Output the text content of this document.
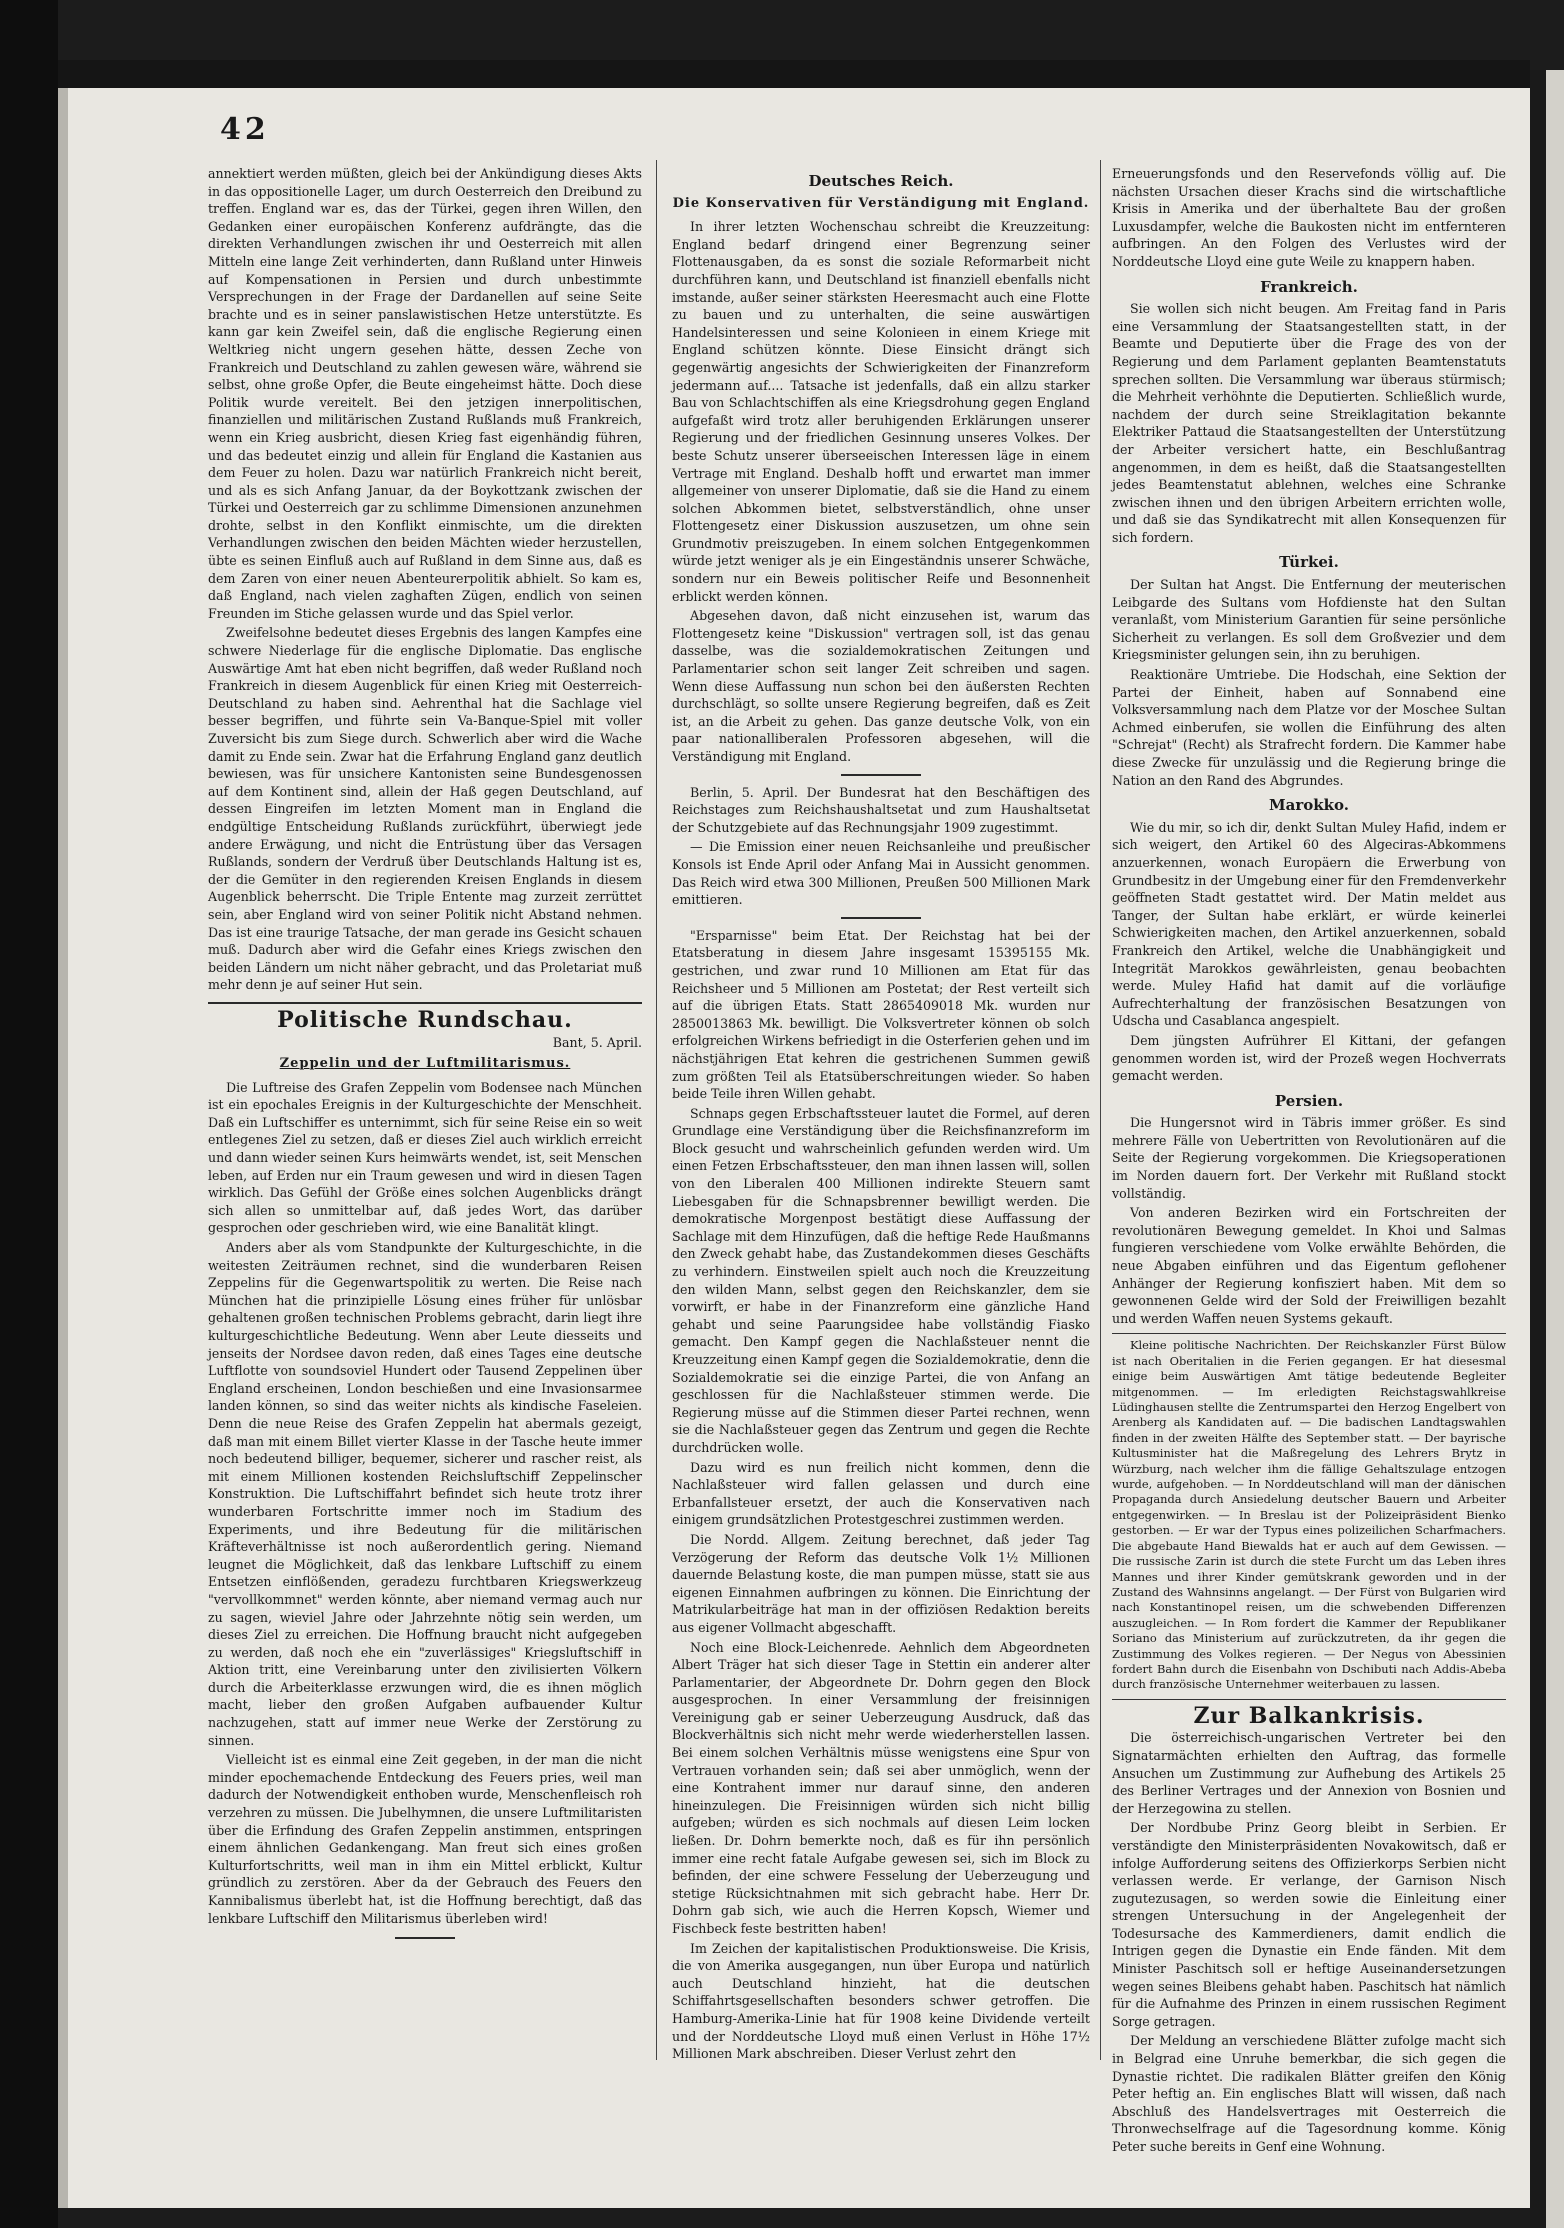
42

annektiert werden müßten, gleich bei der Ankündigung dieses Akts in das oppositionelle Lager, um durch Oesterreich den Dreibund zu treffen. England war es, das der Türkei, gegen ihren Willen, den Gedanken einer europäischen Konferenz aufdrängte, das die direkten Verhandlungen zwischen ihr und Oesterreich mit allen Mitteln eine lange Zeit verhinderten, dann Rußland unter Hinweis auf Kompensationen in Persien und durch unbestimmte Versprechungen in der Frage der Dardanellen auf seine Seite brachte und es in seiner panslawistischen Hetze unterstützte. Es kann gar kein Zweifel sein, daß die englische Regierung einen Weltkrieg nicht ungern gesehen hätte, dessen Zeche von Frankreich und Deutschland zu zahlen gewesen wäre, während sie selbst, ohne große Opfer, die Beute eingeheimst hätte. Doch diese Politik wurde vereitelt. Bei den jetzigen innerpolitischen, finanziellen und militärischen Zustand Rußlands muß Frankreich, wenn ein Krieg ausbricht, diesen Krieg fast eigenhändig führen, und das bedeutet einzig und allein für England die Kastanien aus dem Feuer zu holen. Dazu war natürlich Frankreich nicht bereit, und als es sich Anfang Januar, da der Boykottzank zwischen der Türkei und Oesterreich gar zu schlimme Dimensionen anzunehmen drohte, selbst in den Konflikt einmischte, um die direkten Verhandlungen zwischen den beiden Mächten wieder herzustellen, übte es seinen Einfluß auch auf Rußland in dem Sinne aus, daß es dem Zaren von einer neuen Abenteurerpolitik abhielt. So kam es, daß England, nach vielen zaghaften Zügen, endlich von seinen Freunden im Stiche gelassen wurde und das Spiel verlor.

Zweifelsohne bedeutet dieses Ergebnis des langen Kampfes eine schwere Niederlage für die englische Diplomatie. Das englische Auswärtige Amt hat eben nicht begriffen, daß weder Rußland noch Frankreich in diesem Augenblick für einen Krieg mit Oesterreich-Deutschland zu haben sind. Aehrenthal hat die Sachlage viel besser begriffen, und führte sein Va-Banque-Spiel mit voller Zuversicht bis zum Siege durch. Schwerlich aber wird die Wache damit zu Ende sein. Zwar hat die Erfahrung England ganz deutlich bewiesen, was für unsichere Kantonisten seine Bundesgenossen auf dem Kontinent sind, allein der Haß gegen Deutschland, auf dessen Eingreifen im letzten Moment man in England die endgültige Entscheidung Rußlands zurückführt, überwiegt jede andere Erwägung, und nicht die Entrüstung über das Versagen Rußlands, sondern der Verdruß über Deutschlands Haltung ist es, der die Gemüter in den regierenden Kreisen Englands in diesem Augenblick beherrscht. Die Triple Entente mag zurzeit zerrüttet sein, aber England wird von seiner Politik nicht Abstand nehmen. Das ist eine traurige Tatsache, der man gerade ins Gesicht schauen muß. Dadurch aber wird die Gefahr eines Kriegs zwischen den beiden Ländern um nicht näher gebracht, und das Proletariat muß mehr denn je auf seiner Hut sein.

Politische Rundschau.
Bant, 5. April.
Zeppelin und der Luftmilitarismus.

Die Luftreise des Grafen Zeppelin vom Bodensee nach München ist ein epochales Ereignis in der Kulturgeschichte der Menschheit. Daß ein Luftschiffer es unternimmt, sich für seine Reise ein so weit entlegenes Ziel zu setzen, daß er dieses Ziel auch wirklich erreicht und dann wieder seinen Kurs heimwärts wendet, ist, seit Menschen leben, auf Erden nur ein Traum gewesen und wird in diesen Tagen wirklich. Das Gefühl der Größe eines solchen Augenblicks drängt sich allen so unmittelbar auf, daß jedes Wort, das darüber gesprochen oder geschrieben wird, wie eine Banalität klingt.

Anders aber als vom Standpunkte der Kulturgeschichte, in die weitesten Zeiträumen rechnet, sind die wunderbaren Reisen Zeppelins für die Gegenwartspolitik zu werten. Die Reise nach München hat die prinzipielle Lösung eines früher für unlösbar gehaltenen großen technischen Problems gebracht, darin liegt ihre kulturgeschichtliche Bedeutung. Wenn aber Leute diesseits und jenseits der Nordsee davon reden, daß eines Tages eine deutsche Luftflotte von soundsoviel Hundert oder Tausend Zeppelinen über England erscheinen, London beschießen und eine Invasionsarmee landen können, so sind das weiter nichts als kindische Faseleien. Denn die neue Reise des Grafen Zeppelin hat abermals gezeigt, daß man mit einem Billet vierter Klasse in der Tasche heute immer noch bedeutend billiger, bequemer, sicherer und rascher reist, als mit einem Millionen kostenden Reichsluftschiff Zeppelinscher Konstruktion. Die Luftschiffahrt befindet sich heute trotz ihrer wunderbaren Fortschritte immer noch im Stadium des Experiments, und ihre Bedeutung für die militärischen Kräfteverhältnisse ist noch außerordentlich gering. Niemand leugnet die Möglichkeit, daß das lenkbare Luftschiff zu einem Entsetzen einflößenden, geradezu furchtbaren Kriegswerkzeug "vervollkommnet" werden könnte, aber niemand vermag auch nur zu sagen, wieviel Jahre oder Jahrzehnte nötig sein werden, um dieses Ziel zu erreichen. Die Hoffnung braucht nicht aufgegeben zu werden, daß noch ehe ein "zuverlässiges" Kriegsluftschiff in Aktion tritt, eine Vereinbarung unter den zivilisierten Völkern durch die Arbeiterklasse erzwungen wird, die es ihnen möglich macht, lieber den großen Aufgaben aufbauender Kultur nachzugehen, statt auf immer neue Werke der Zerstörung zu sinnen.

Vielleicht ist es einmal eine Zeit gegeben, in der man die nicht minder epochemachende Entdeckung des Feuers pries, weil man dadurch der Notwendigkeit enthoben wurde, Menschenfleisch roh verzehren zu müssen. Die Jubelhymnen, die unsere Luftmilitaristen über die Erfindung des Grafen Zeppelin anstimmen, entspringen einem ähnlichen Gedankengang. Man freut sich eines großen Kulturfortschritts, weil man in ihm ein Mittel erblickt, Kultur gründlich zu zerstören. Aber da der Gebrauch des Feuers den Kannibalismus überlebt hat, ist die Hoffnung berechtigt, daß das lenkbare Luftschiff den Militarismus überleben wird!

Deutsches Reich.
Die Konservativen für Verständigung mit England.

In ihrer letzten Wochenschau schreibt die Kreuzzeitung: England bedarf dringend einer Begrenzung seiner Flottenausgaben, da es sonst die soziale Reformarbeit nicht durchführen kann, und Deutschland ist finanziell ebenfalls nicht imstande, außer seiner stärksten Heeresmacht auch eine Flotte zu bauen und zu unterhalten, die seine auswärtigen Handelsinteressen und seine Kolonieen in einem Kriege mit England schützen könnte. Diese Einsicht drängt sich gegenwärtig angesichts der Schwierigkeiten der Finanzreform jedermann auf.... Tatsache ist jedenfalls, daß ein allzu starker Bau von Schlachtschiffen als eine Kriegsdrohung gegen England aufgefaßt wird trotz aller beruhigenden Erklärungen unserer Regierung und der friedlichen Gesinnung unseres Volkes. Der beste Schutz unserer überseeischen Interessen läge in einem Vertrage mit England. Deshalb hofft und erwartet man immer allgemeiner von unserer Diplomatie, daß sie die Hand zu einem solchen Abkommen bietet, selbstverständlich, ohne unser Flottengesetz einer Diskussion auszusetzen, um ohne sein Grundmotiv preiszugeben. In einem solchen Entgegenkommen würde jetzt weniger als je ein Eingeständnis unserer Schwäche, sondern nur ein Beweis politischer Reife und Besonnenheit erblickt werden können.

Abgesehen davon, daß nicht einzusehen ist, warum das Flottengesetz keine "Diskussion" vertragen soll, ist das genau dasselbe, was die sozialdemokratischen Zeitungen und Parlamentarier schon seit langer Zeit schreiben und sagen. Wenn diese Auffassung nun schon bei den äußersten Rechten durchschlägt, so sollte unsere Regierung begreifen, daß es Zeit ist, an die Arbeit zu gehen. Das ganze deutsche Volk, von ein paar nationalliberalen Professoren abgesehen, will die Verständigung mit England.

Berlin, 5. April. Der Bundesrat hat den Beschäftigen des Reichstages zum Reichshaushaltsetat und zum Haushaltsetat der Schutzgebiete auf das Rechnungsjahr 1909 zugestimmt.

— Die Emission einer neuen Reichsanleihe und preußischer Konsols ist Ende April oder Anfang Mai in Aussicht genommen. Das Reich wird etwa 300 Millionen, Preußen 500 Millionen Mark emittieren.

"Ersparnisse" beim Etat. Der Reichstag hat bei der Etatsberatung in diesem Jahre insgesamt 15395155 Mk. gestrichen, und zwar rund 10 Millionen am Etat für das Reichsheer und 5 Millionen am Postetat; der Rest verteilt sich auf die übrigen Etats. Statt 2865409018 Mk. wurden nur 2850013863 Mk. bewilligt. Die Volksvertreter können ob solch erfolgreichen Wirkens befriedigt in die Osterferien gehen und im nächstjährigen Etat kehren die gestrichenen Summen gewiß zum größten Teil als Etatsüberschreitungen wieder. So haben beide Teile ihren Willen gehabt.

Schnaps gegen Erbschaftssteuer lautet die Formel, auf deren Grundlage eine Verständigung über die Reichsfinanzreform im Block gesucht und wahrscheinlich gefunden werden wird. Um einen Fetzen Erbschaftssteuer, den man ihnen lassen will, sollen von den Liberalen 400 Millionen indirekte Steuern samt Liebesgaben für die Schnapsbrenner bewilligt werden. Die demokratische Morgenpost bestätigt diese Auffassung der Sachlage mit dem Hinzufügen, daß die heftige Rede Haußmanns den Zweck gehabt habe, das Zustandekommen dieses Geschäfts zu verhindern. Einstweilen spielt auch noch die Kreuzzeitung den wilden Mann, selbst gegen den Reichskanzler, dem sie vorwirft, er habe in der Finanzreform eine gänzliche Hand gehabt und seine Paarungsidee habe vollständig Fiasko gemacht. Den Kampf gegen die Nachlaßsteuer nennt die Kreuzzeitung einen Kampf gegen die Sozialdemokratie, denn die Sozialdemokratie sei die einzige Partei, die von Anfang an geschlossen für die Nachlaßsteuer stimmen werde. Die Regierung müsse auf die Stimmen dieser Partei rechnen, wenn sie die Nachlaßsteuer gegen das Zentrum und gegen die Rechte durchdrücken wolle.

Dazu wird es nun freilich nicht kommen, denn die Nachlaßsteuer wird fallen gelassen und durch eine Erbanfallsteuer ersetzt, der auch die Konservativen nach einigem grundsätzlichen Protestgeschrei zustimmen werden.

Die Nordd. Allgem. Zeitung berechnet, daß jeder Tag Verzögerung der Reform das deutsche Volk 1½ Millionen dauernde Belastung koste, die man pumpen müsse, statt sie aus eigenen Einnahmen aufbringen zu können. Die Einrichtung der Matrikularbeiträge hat man in der offiziösen Redaktion bereits aus eigener Vollmacht abgeschafft.

Noch eine Block-Leichenrede. Aehnlich dem Abgeordneten Albert Träger hat sich dieser Tage in Stettin ein anderer alter Parlamentarier, der Abgeordnete Dr. Dohrn gegen den Block ausgesprochen. In einer Versammlung der freisinnigen Vereinigung gab er seiner Ueberzeugung Ausdruck, daß das Blockverhältnis sich nicht mehr werde wiederherstellen lassen. Bei einem solchen Verhältnis müsse wenigstens eine Spur von Vertrauen vorhanden sein; daß sei aber unmöglich, wenn der eine Kontrahent immer nur darauf sinne, den anderen hineinzulegen. Die Freisinnigen würden sich nicht billig aufgeben; würden es sich nochmals auf diesen Leim locken ließen. Dr. Dohrn bemerkte noch, daß es für ihn persönlich immer eine recht fatale Aufgabe gewesen sei, sich im Block zu befinden, der eine schwere Fesselung der Ueberzeugung und stetige Rücksichtnahmen mit sich gebracht habe. Herr Dr. Dohrn gab sich, wie auch die Herren Kopsch, Wiemer und Fischbeck feste bestritten haben!

Im Zeichen der kapitalistischen Produktionsweise. Die Krisis, die von Amerika ausgegangen, nun über Europa und natürlich auch Deutschland hinzieht, hat die deutschen Schiffahrtsgesellschaften besonders schwer getroffen. Die Hamburg-Amerika-Linie hat für 1908 keine Dividende verteilt und der Norddeutsche Lloyd muß einen Verlust in Höhe 17½ Millionen Mark abschreiben. Dieser Verlust zehrt den

Erneuerungsfonds und den Reservefonds völlig auf. Die nächsten Ursachen dieser Krachs sind die wirtschaftliche Krisis in Amerika und der überhaltete Bau der großen Luxusdampfer, welche die Baukosten nicht im entfernteren aufbringen. An den Folgen des Verlustes wird der Norddeutsche Lloyd eine gute Weile zu knappern haben.

Frankreich.

Sie wollen sich nicht beugen. Am Freitag fand in Paris eine Versammlung der Staatsangestellten statt, in der Beamte und Deputierte über die Frage des von der Regierung und dem Parlament geplanten Beamtenstatuts sprechen sollten. Die Versammlung war überaus stürmisch; die Mehrheit verhöhnte die Deputierten. Schließlich wurde, nachdem der durch seine Streiklagitation bekannte Elektriker Pattaud die Staatsangestellten der Unterstützung der Arbeiter versichert hatte, ein Beschlußantrag angenommen, in dem es heißt, daß die Staatsangestellten jedes Beamtenstatut ablehnen, welches eine Schranke zwischen ihnen und den übrigen Arbeitern errichten wolle, und daß sie das Syndikatrecht mit allen Konsequenzen für sich fordern.

Türkei.

Der Sultan hat Angst. Die Entfernung der meuterischen Leibgarde des Sultans vom Hofdienste hat den Sultan veranlaßt, vom Ministerium Garantien für seine persönliche Sicherheit zu verlangen. Es soll dem Großvezier und dem Kriegsminister gelungen sein, ihn zu beruhigen.

Reaktionäre Umtriebe. Die Hodschah, eine Sektion der Partei der Einheit, haben auf Sonnabend eine Volksversammlung nach dem Platze vor der Moschee Sultan Achmed einberufen, sie wollen die Einführung des alten "Schrejat" (Recht) als Strafrecht fordern. Die Kammer habe diese Zwecke für unzulässig und die Regierung bringe die Nation an den Rand des Abgrundes.

Marokko.

Wie du mir, so ich dir, denkt Sultan Muley Hafid, indem er sich weigert, den Artikel 60 des Algeciras-Abkommens anzuerkennen, wonach Europäern die Erwerbung von Grundbesitz in der Umgebung einer für den Fremdenverkehr geöffneten Stadt gestattet wird. Der Matin meldet aus Tanger, der Sultan habe erklärt, er würde keinerlei Schwierigkeiten machen, den Artikel anzuerkennen, sobald Frankreich den Artikel, welche die Unabhängigkeit und Integrität Marokkos gewährleisten, genau beobachten werde. Muley Hafid hat damit auf die vorläufige Aufrechterhaltung der französischen Besatzungen von Udscha und Casablanca angespielt.

Dem jüngsten Aufrührer El Kittani, der gefangen genommen worden ist, wird der Prozeß wegen Hochverrats gemacht werden.

Persien.

Die Hungersnot wird in Täbris immer größer. Es sind mehrere Fälle von Uebertritten von Revolutionären auf die Seite der Regierung vorgekommen. Die Kriegsoperationen im Norden dauern fort. Der Verkehr mit Rußland stockt vollständig.

Von anderen Bezirken wird ein Fortschreiten der revolutionären Bewegung gemeldet. In Khoi und Salmas fungieren verschiedene vom Volke erwählte Behörden, die neue Abgaben einführen und das Eigentum geflohener Anhänger der Regierung konfisziert haben. Mit dem so gewonnenen Gelde wird der Sold der Freiwilligen bezahlt und werden Waffen neuen Systems gekauft.

Kleine politische Nachrichten. Der Reichskanzler Fürst Bülow ist nach Oberitalien in die Ferien gegangen. Er hat diesesmal einige beim Auswärtigen Amt tätige bedeutende Begleiter mitgenommen. — Im erledigten Reichstagswahlkreise Lüdinghausen stellte die Zentrumspartei den Herzog Engelbert von Arenberg als Kandidaten auf. — Die badischen Landtagswahlen finden in der zweiten Hälfte des September statt. — Der bayrische Kultusminister hat die Maßregelung des Lehrers Brytz in Würzburg, nach welcher ihm die fällige Gehaltszulage entzogen wurde, aufgehoben. — In Norddeutschland will man der dänischen Propaganda durch Ansiedelung deutscher Bauern und Arbeiter entgegenwirken. — In Breslau ist der Polizeipräsident Bienko gestorben. — Er war der Typus eines polizeilichen Scharfmachers. Die abgebaute Hand Biewalds hat er auch auf dem Gewissen. — Die russische Zarin ist durch die stete Furcht um das Leben ihres Mannes und ihrer Kinder gemütskrank geworden und in der Zustand des Wahnsinns angelangt. — Der Fürst von Bulgarien wird nach Konstantinopel reisen, um die schwebenden Differenzen auszugleichen. — In Rom fordert die Kammer der Republikaner Soriano das Ministerium auf zurückzutreten, da ihr gegen die Zustimmung des Volkes regieren. — Der Negus von Abessinien fordert Bahn durch die Eisenbahn von Dschibuti nach Addis-Abeba durch französische Unternehmer weiterbauen zu lassen.

Zur Balkankrisis.

Die österreichisch-ungarischen Vertreter bei den Signatarmächten erhielten den Auftrag, das formelle Ansuchen um Zustimmung zur Aufhebung des Artikels 25 des Berliner Vertrages und der Annexion von Bosnien und der Herzegowina zu stellen.

Der Nordbube Prinz Georg bleibt in Serbien. Er verständigte den Ministerpräsidenten Novakowitsch, daß er infolge Aufforderung seitens des Offizierkorps Serbien nicht verlassen werde. Er verlange, der Garnison Nisch zugutezusagen, so werden sowie die Einleitung einer strengen Untersuchung in der Angelegenheit der Todesursache des Kammerdieners, damit endlich die Intrigen gegen die Dynastie ein Ende fänden. Mit dem Minister Paschitsch soll er heftige Auseinandersetzungen wegen seines Bleibens gehabt haben. Paschitsch hat nämlich für die Aufnahme des Prinzen in einem russischen Regiment Sorge getragen.

Der Meldung an verschiedene Blätter zufolge macht sich in Belgrad eine Unruhe bemerkbar, die sich gegen die Dynastie richtet. Die radikalen Blätter greifen den König Peter heftig an. Ein englisches Blatt will wissen, daß nach Abschluß des Handelsvertrages mit Oesterreich die Thronwechselfrage auf die Tagesordnung komme. König Peter suche bereits in Genf eine Wohnung.
